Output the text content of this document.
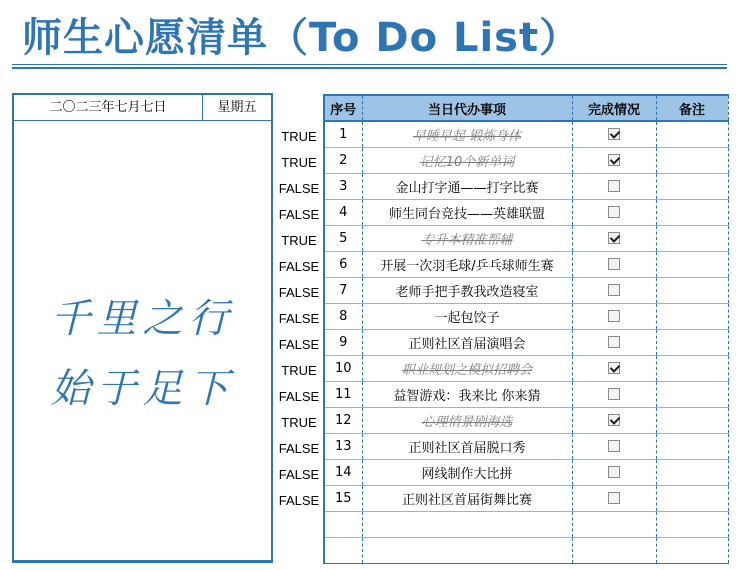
师生心愿清单（To Do List）
二〇二三年七月七日	星期五
千里之行
始于足下
TRUE
TRUE
FALSE
FALSE
TRUE
FALSE
FALSE
FALSE
FALSE
TRUE
FALSE
TRUE
FALSE
FALSE
FALSE
序号	当日代办事项	完成情况	备注
1	早睡早起 锻炼身体		
2	记忆10个新单词		
3	金山打字通——打字比赛		
4	师生同台竞技——英雄联盟		
5	专升本精准帮辅		
6	开展一次羽毛球/乒乓球师生赛		
7	老师手把手教我改造寝室		
8	一起包饺子		
9	正则社区首届演唱会		
10	职业规划之模拟招聘会		
11	益智游戏：我来比 你来猜		
12	心理情景剧海选		
13	正则社区首届脱口秀		
14	网线制作大比拼		
15	正则社区首届街舞比赛		
